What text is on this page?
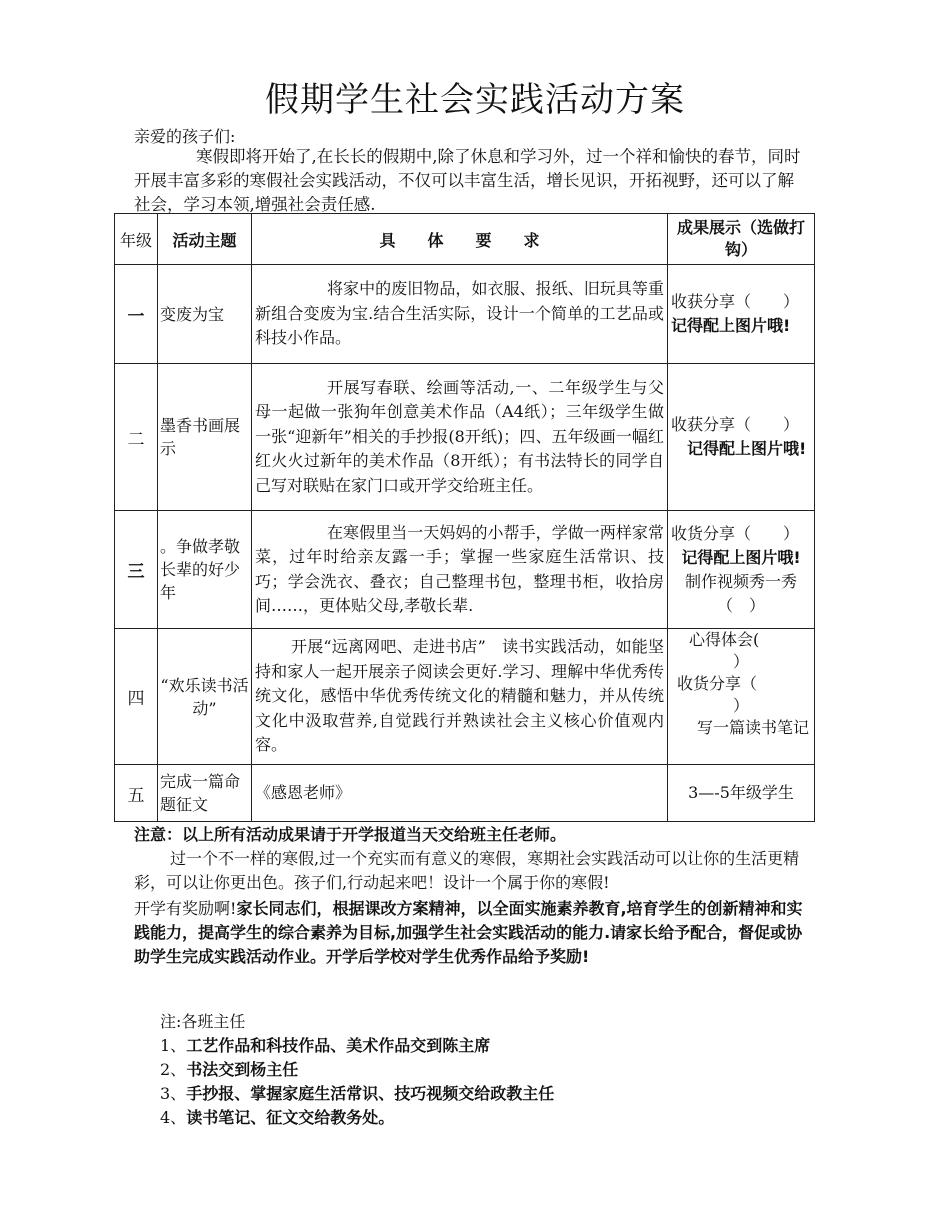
假期学生社会实践活动方案
亲爱的孩子们:
寒假即将开始了,在长长的假期中,除了休息和学习外，过一个祥和愉快的春节，同时开展丰富多彩的寒假社会实践活动，不仅可以丰富生活，增长见识，开拓视野，还可以了解社会，学习本领,增强社会责任感.
年级	活动主题	具　　体　　要　　求	成果展示（选做打钩）
一	变废为宝	将家中的废旧物品，如衣服、报纸、旧玩具等重新组合变废为宝.结合生活实际，设计一个简单的工艺品或科技小作品。	收获分享（　　）
记得配上图片哦!

二	墨香书画展示	开展写春联、绘画等活动,一、二年级学生与父母一起做一张狗年创意美术作品（A4纸）；三年级学生做一张“迎新年”相关的手抄报(8开纸)；四、五年级画一幅红红火火过新年的美术作品（8开纸）；有书法特长的同学自己写对联贴在家门口或开学交给班主任。	收获分享（　　）
记得配上图片哦!

三	。争做孝敬长辈的好少年	在寒假里当一天妈妈的小帮手，学做一两样家常菜，过年时给亲友露一手；掌握一些家庭生活常识、技巧；学会洗衣、叠衣；自己整理书包，整理书柜，收拾房间……，更体贴父母,孝敬长辈.	收货分享（　　）
记得配上图片哦!
制作视频秀一秀（　）

四	“欢乐读书活动”	开展“远离网吧、走进书店”　读书实践活动，如能坚持和家人一起开展亲子阅读会更好.学习、理解中华优秀传统文化，感悟中华优秀传统文化的精髓和魅力，并从传统文化中汲取营养,自觉践行并熟读社会主义核心价值观内容。	心得体会(
）
收货分享（
）
写一篇读书笔记

五	完成一篇命题征文	《感恩老师》	3—-5年级学生
注意：以上所有活动成果请于开学报道当天交给班主任老师。
过一个不一样的寒假,过一个充实而有意义的寒假，寒期社会实践活动可以让你的生活更精彩，可以让你更出色。孩子们,行动起来吧！设计一个属于你的寒假!
开学有奖励啊!家长同志们，根据课改方案精神，以全面实施素养教育,培育学生的创新精神和实践能力，提高学生的综合素养为目标,加强学生社会实践活动的能力.请家长给予配合，督促或协助学生完成实践活动作业。开学后学校对学生优秀作品给予奖励!
注:各班主任
1、工艺作品和科技作品、美术作品交到陈主席
2、书法交到杨主任
3、手抄报、掌握家庭生活常识、技巧视频交给政教主任
4、读书笔记、征文交给教务处。
